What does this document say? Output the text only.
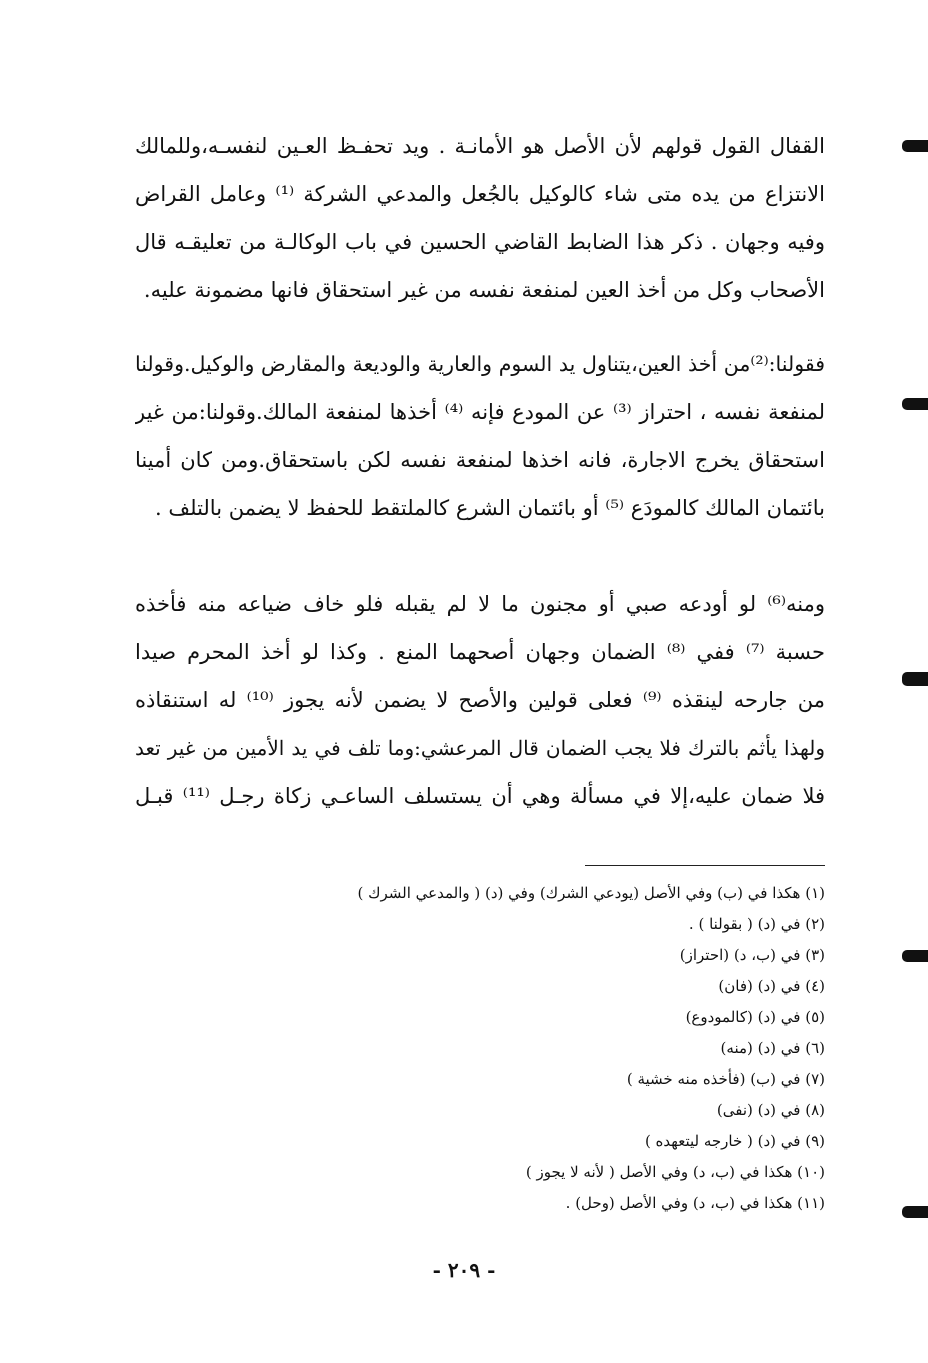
القفال القول قولهم لأن الأصل هو الأمانـة . ويد تحفـظ العـين لنفسـه،وللمالك
الانتزاع من يده متى شاء كالوكيل بالجُعل والمدعي الشركة ⁽¹⁾ وعامل القراض
وفيه وجهان . ذكر هذا الضابط القاضي الحسين في باب الوكالـة من تعليقـه قال
الأصحاب وكل من أخذ العين لمنفعة نفسه من غير استحقاق فانها مضمونة عليه.
فقولنا:⁽²⁾من أخذ العين،يتناول يد السوم والعارية والوديعة والمقارض والوكيل.وقولنا
لمنفعة نفسه ، احتراز ⁽³⁾ عن المودع فإنه ⁽⁴⁾ أخذها لمنفعة المالك.وقولنا:من غير
استحقاق يخرج الاجارة، فانه اخذها لمنفعة نفسه لكن باستحقاق.ومن كان أمينا
بائتمان المالك كالمودَع ⁽⁵⁾ أو بائتمان الشرع كالملتقط للحفظ لا يضمن بالتلف .
ومنه⁽⁶⁾ لو أودعه صبي أو مجنون ما لا لم يقبله فلو خاف ضياعه منه فأخذه
حسبة ⁽⁷⁾ ففي ⁽⁸⁾ الضمان وجهان أصحهما المنع . وكذا لو أخذ المحرم صيدا
من جارحه لينقذه ⁽⁹⁾ فعلى قولين والأصح لا يضمن لأنه يجوز ⁽¹⁰⁾ له استنقاذه
ولهذا يأثم بالترك فلا يجب الضمان قال المرعشي:وما تلف في يد الأمين من غير تعد
فلا ضمان عليه،إلا في مسألة وهي أن يستسلف الساعـي زكاة رجـل ⁽¹¹⁾ قبـل
(١) هكذا في (ب) وفي الأصل (يودعي الشرك) وفي (د) ( والمدعي الشرك )
(٢) في (د) ( بقولنا ) .
(٣) في (ب، د) (احتراز)
(٤) في (د) (فان)
(٥) في (د) (كالمودوع)
(٦) في (د) (منه)
(٧) في (ب) (فأخذه منه خشية )
(٨) في (د) (نفى)
(٩) في (د) ( خارجه ليتعهده )
(١٠) هكذا في (ب، د) وفي الأصل ( لأنه لا يجوز )
(١١) هكذا في (ب، د) وفي الأصل (وحل) .
- ٢٠٩ -
